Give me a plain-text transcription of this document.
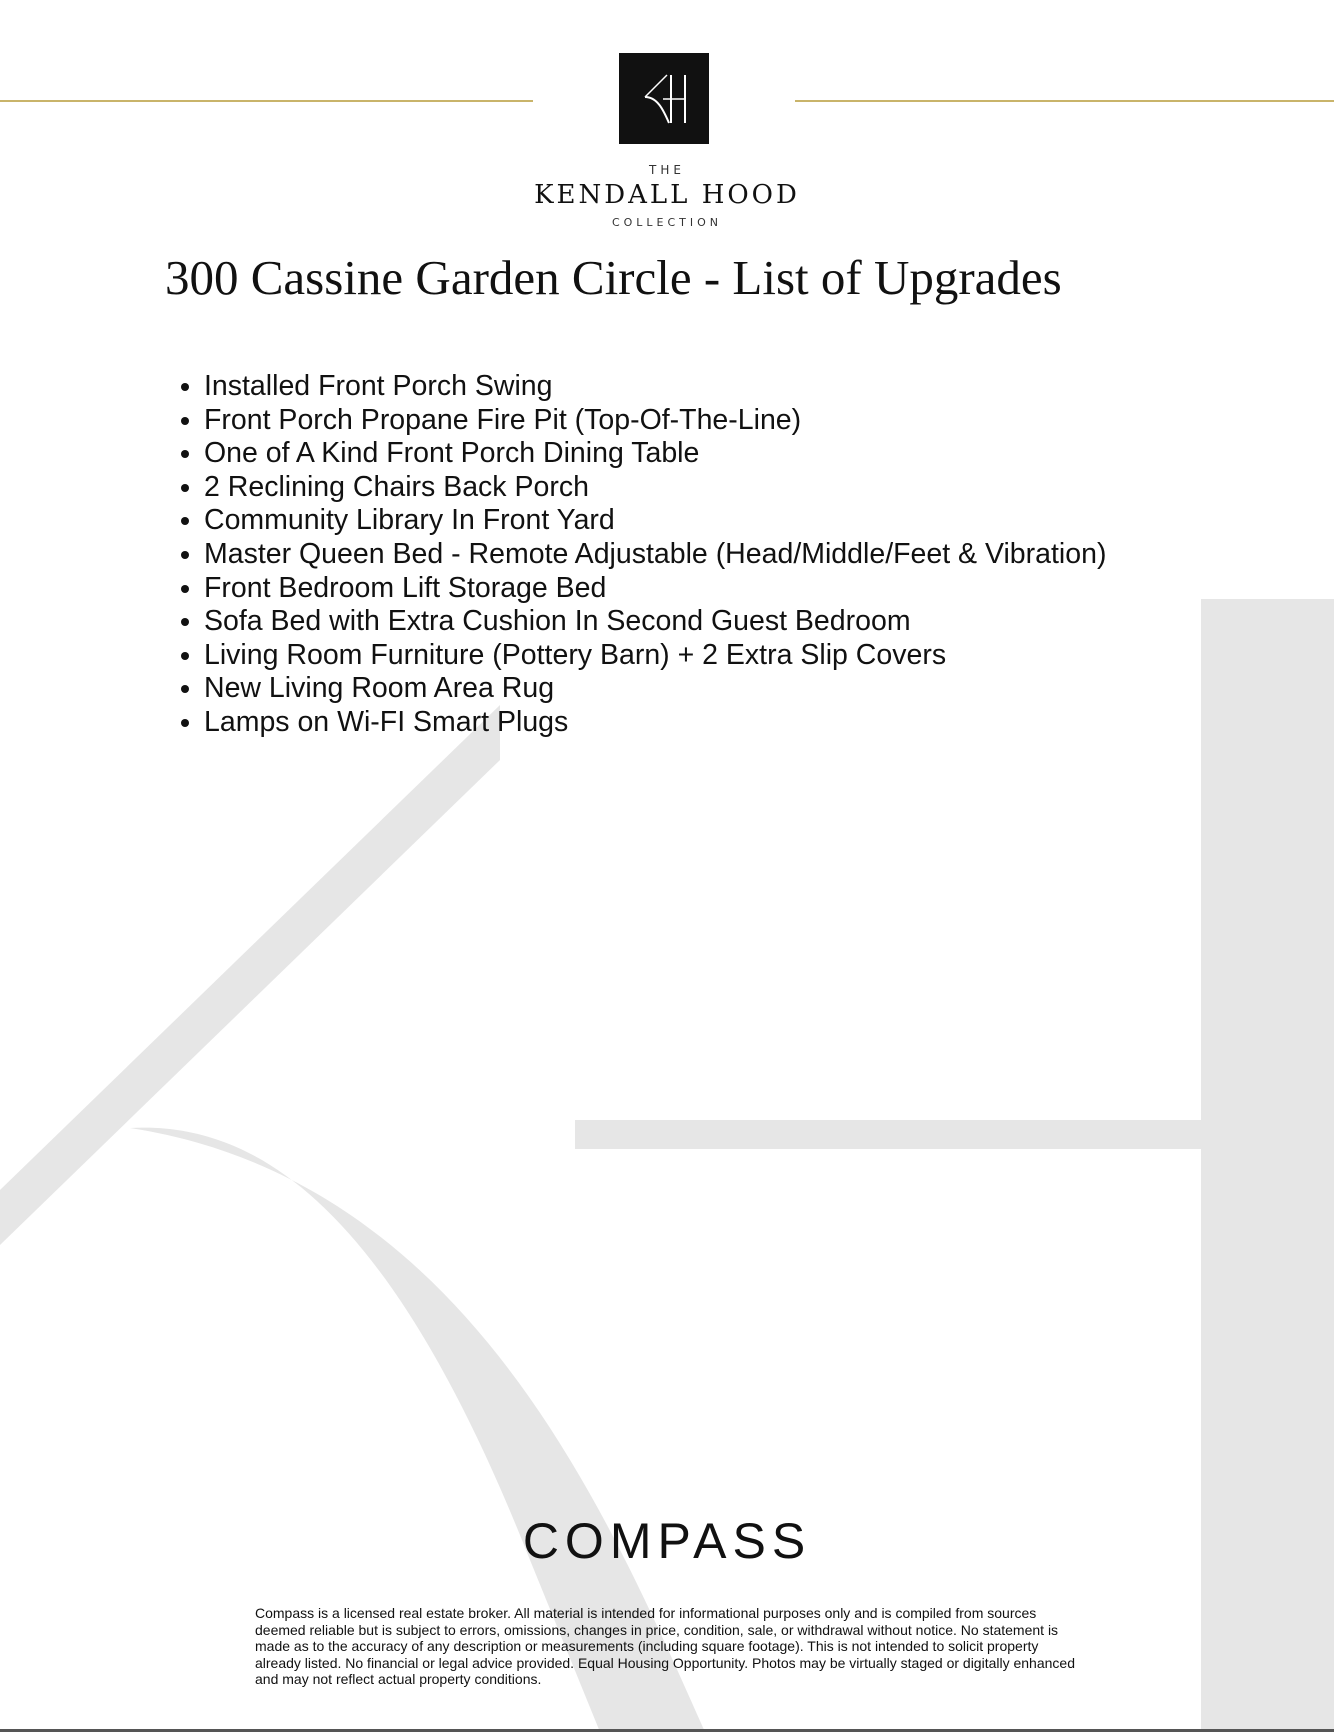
THE
KENDALL HOOD
COLLECTION
300 Cassine Garden Circle - List of Upgrades
• Installed Front Porch Swing
• Front Porch Propane Fire Pit (Top-Of-The-Line)
• One of A Kind Front Porch Dining Table
• 2 Reclining Chairs Back Porch
• Community Library In Front Yard
• Master Queen Bed - Remote Adjustable (Head/Middle/Feet & Vibration)
• Front Bedroom Lift Storage Bed
• Sofa Bed with Extra Cushion In Second Guest Bedroom
• Living Room Furniture (Pottery Barn) + 2 Extra Slip Covers
• New Living Room Area Rug
• Lamps on Wi-FI Smart Plugs
COMPASS

Compass is a licensed real estate broker. All material is intended for informational purposes only and is compiled from sources deemed reliable but is subject to errors, omissions, changes in price, condition, sale, or withdrawal without notice. No statement is made as to the accuracy of any description or measurements (including square footage). This is not intended to solicit property already listed. No financial or legal advice provided. Equal Housing Opportunity. Photos may be virtually staged or digitally enhanced and may not reflect actual property conditions.
